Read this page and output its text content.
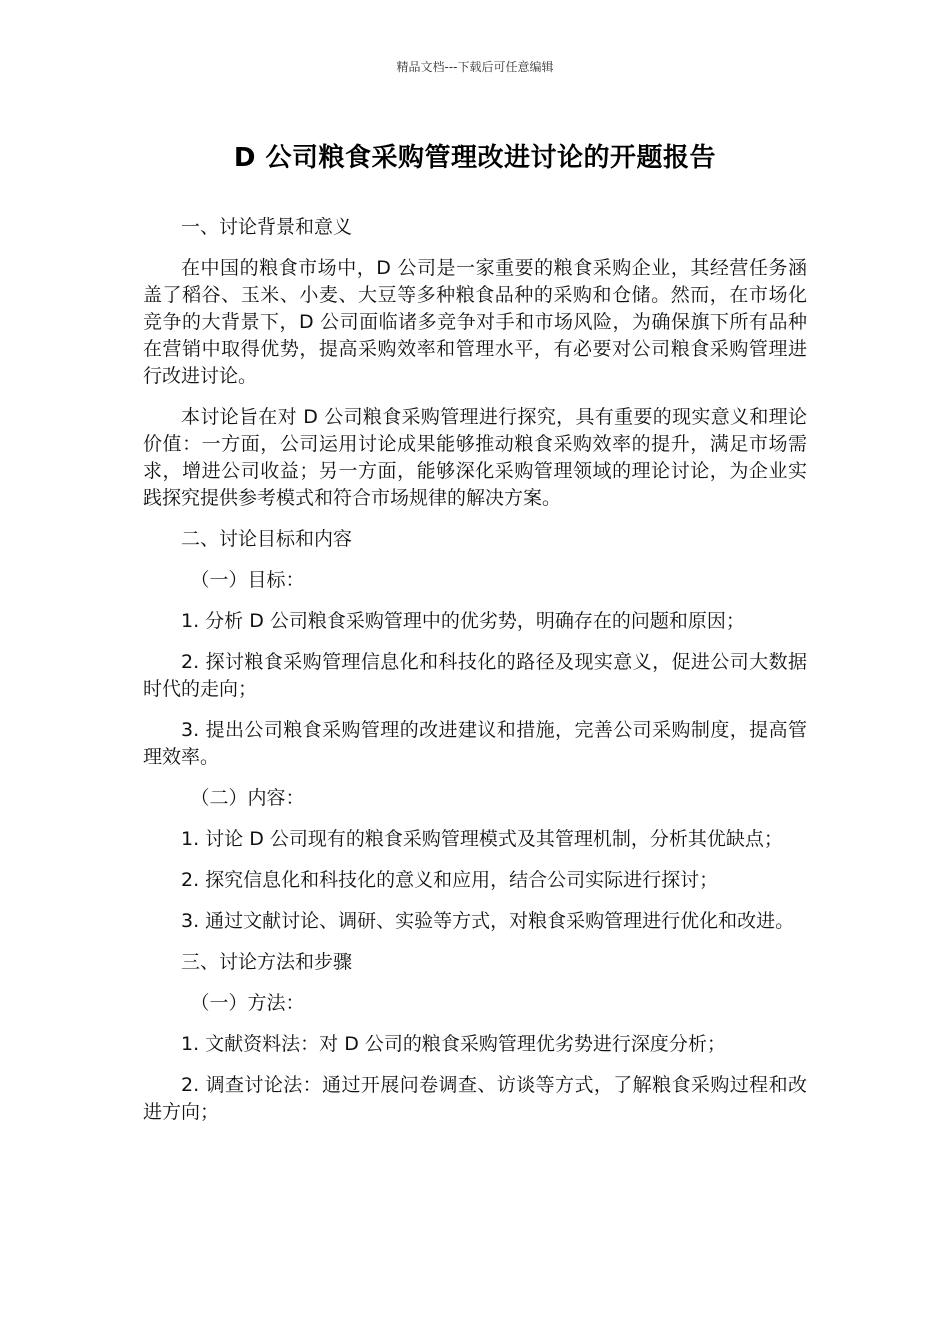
精品文档---下载后可任意编辑
D 公司粮食采购管理改进讨论的开题报告
一、讨论背景和意义
在中国的粮食市场中，D 公司是一家重要的粮食采购企业，其经营任务涵盖了稻谷、玉米、小麦、大豆等多种粮食品种的采购和仓储。然而，在市场化竞争的大背景下，D 公司面临诸多竞争对手和市场风险，为确保旗下所有品种在营销中取得优势，提高采购效率和管理水平，有必要对公司粮食采购管理进行改进讨论。
本讨论旨在对 D 公司粮食采购管理进行探究，具有重要的现实意义和理论价值：一方面，公司运用讨论成果能够推动粮食采购效率的提升，满足市场需求，增进公司收益；另一方面，能够深化采购管理领域的理论讨论，为企业实践探究提供参考模式和符合市场规律的解决方案。
二、讨论目标和内容
（一）目标：
1. 分析 D 公司粮食采购管理中的优劣势，明确存在的问题和原因；
2. 探讨粮食采购管理信息化和科技化的路径及现实意义，促进公司大数据时代的走向；
3. 提出公司粮食采购管理的改进建议和措施，完善公司采购制度，提高管理效率。
（二）内容：
1. 讨论 D 公司现有的粮食采购管理模式及其管理机制，分析其优缺点；
2. 探究信息化和科技化的意义和应用，结合公司实际进行探讨；
3. 通过文献讨论、调研、实验等方式，对粮食采购管理进行优化和改进。
三、讨论方法和步骤
（一）方法：
1. 文献资料法：对 D 公司的粮食采购管理优劣势进行深度分析；
2. 调查讨论法：通过开展问卷调查、访谈等方式，了解粮食采购过程和改进方向；
